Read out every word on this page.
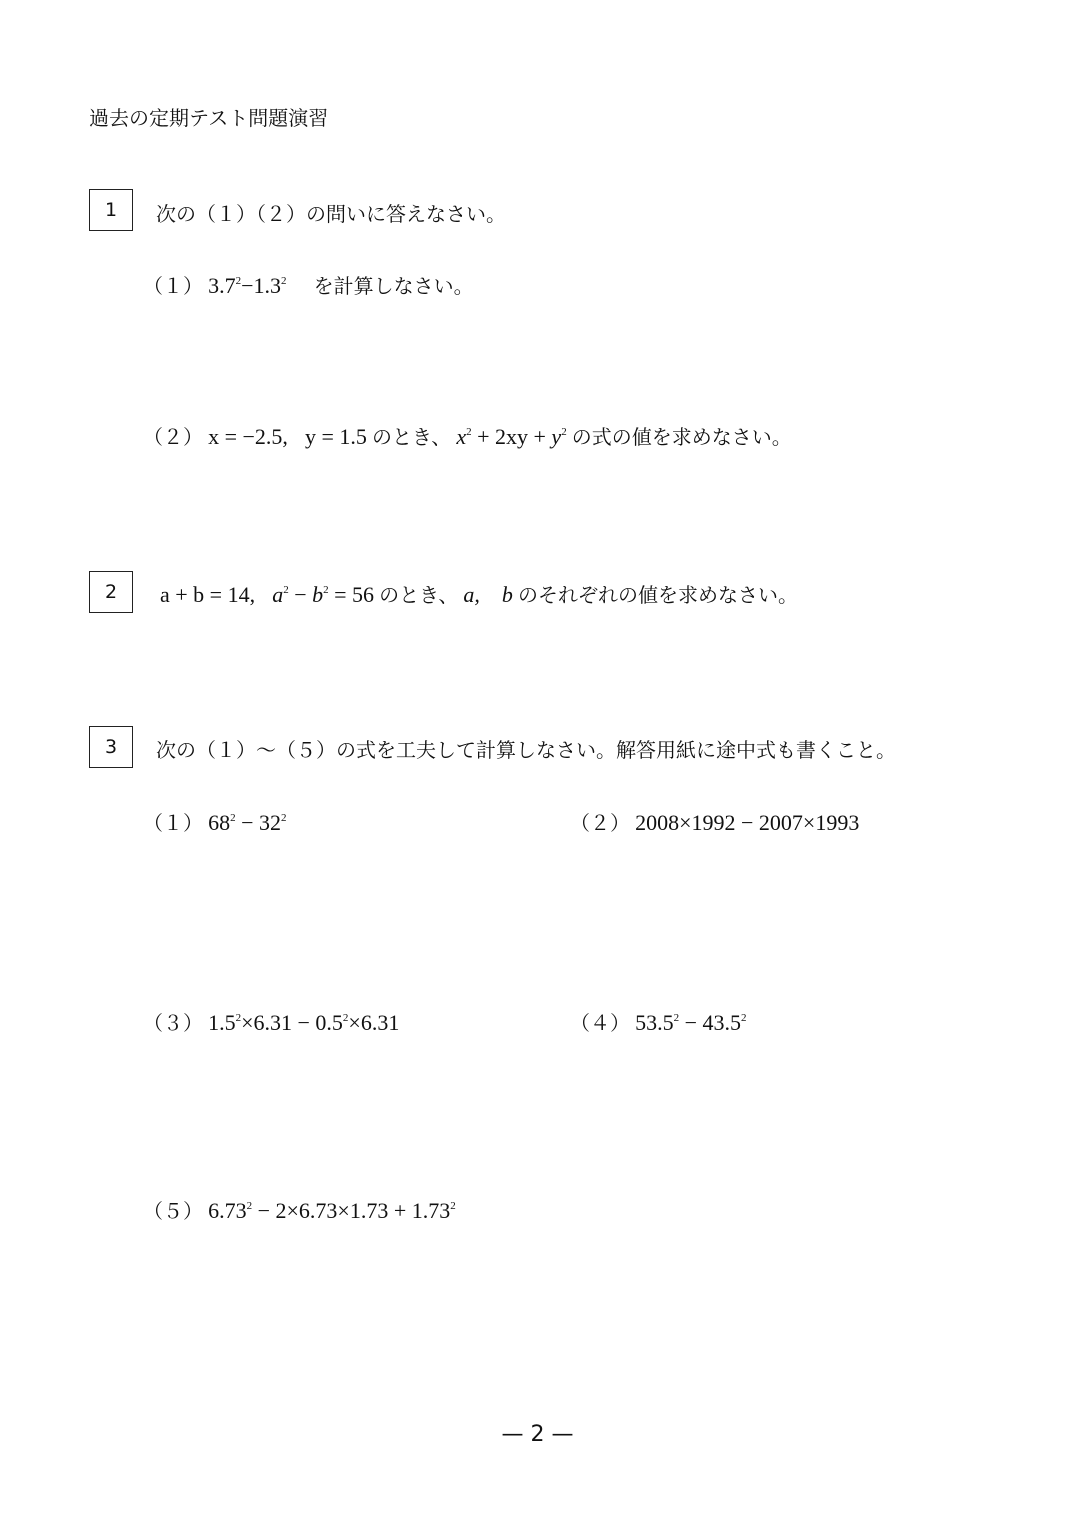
過去の定期テスト問題演習
1 次の（１）（２）の問いに答えなさい。
（１） $3.7^2-1.3^2$ を計算しなさい。
（２） x = −2.5, y = 1.5 のとき、 $x^2 + 2xy + y^2$ の式の値を求めなさい。
2 a + b = 14, $a^2 - b^2 = 56$ のとき、 a,　b のそれぞれの値を求めなさい。
3 次の（１）～（５）の式を工夫して計算しなさい。解答用紙に途中式も書くこと。
（１） $68^2 - 32^2$	（２） 2008×1992 − 2007×1993
（３） $1.5^2\times 6.31 - 0.5^2\times 6.31$	（４） $53.5^2 - 43.5^2$
（５） $6.73^2 - 2\times 6.73\times 1.73 + 1.73^2$
— 2 —
